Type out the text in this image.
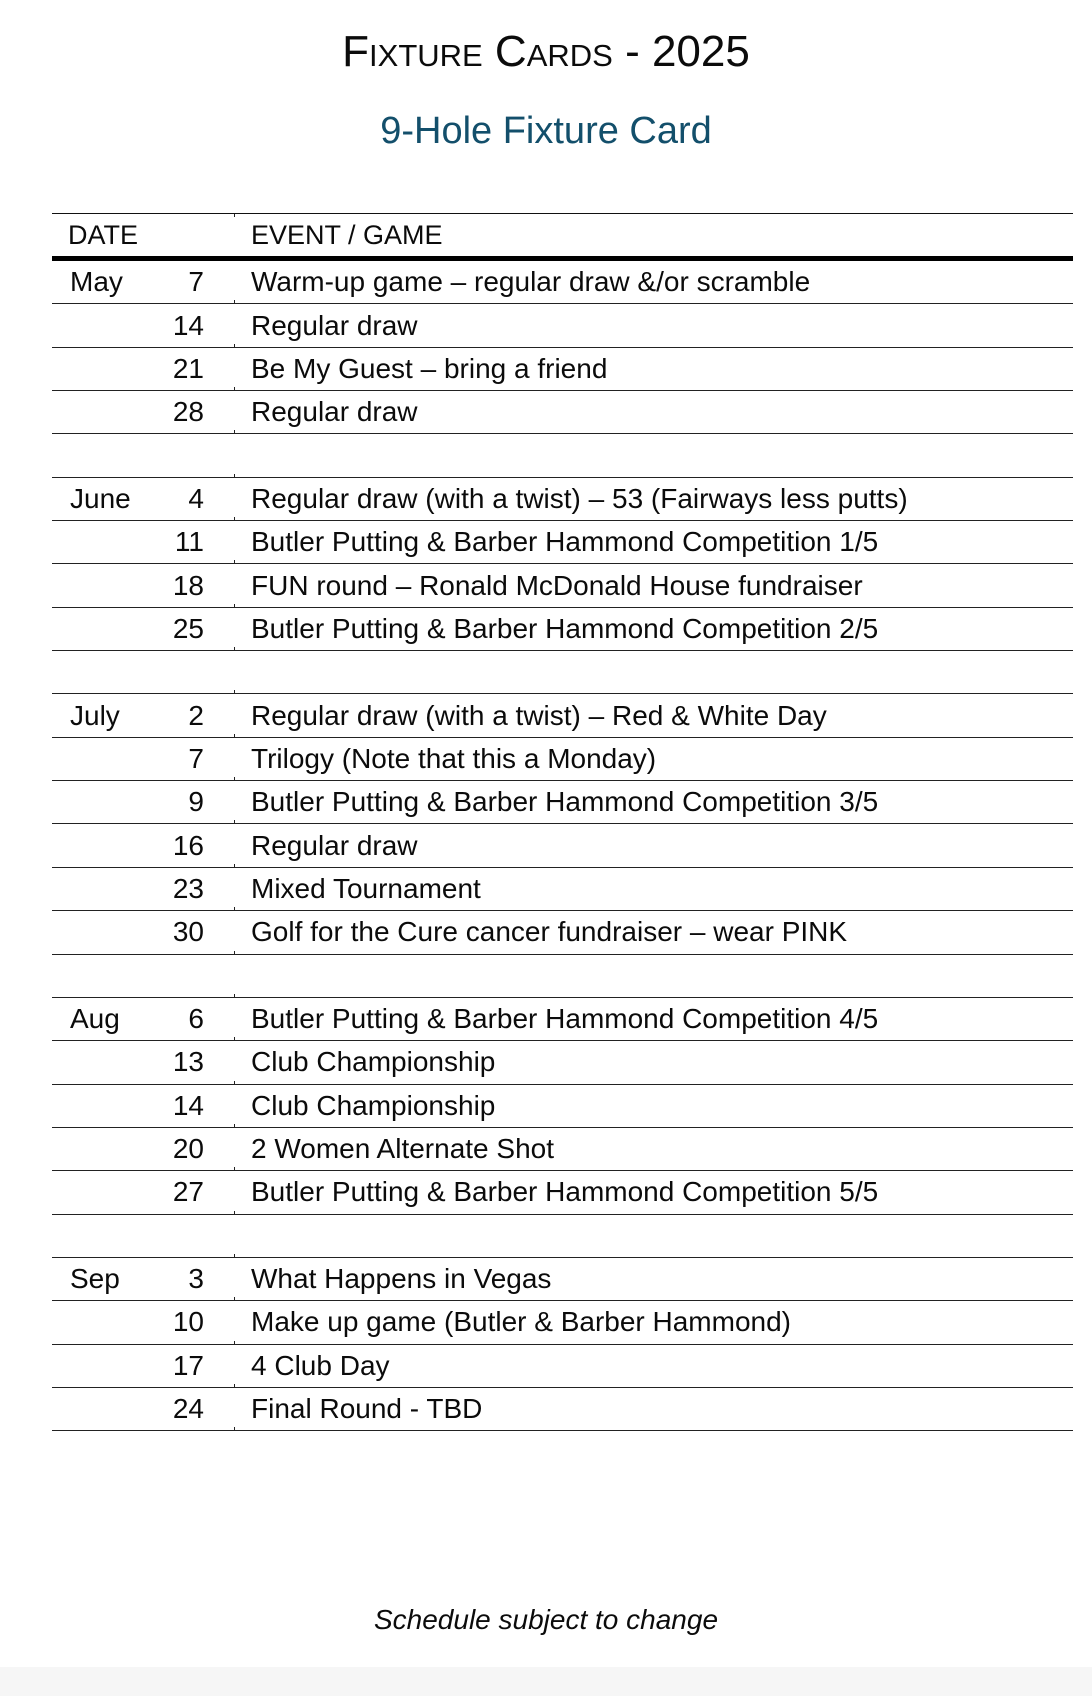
Fixture Cards - 2025
9-Hole Fixture Card
DATE	EVENT / GAME
May	7 Warm-up game – regular draw &/or scramble
14 Regular draw
21 Be My Guest – bring a friend
28 Regular draw
June	4 Regular draw (with a twist) – 53 (Fairways less putts)
11 Butler Putting & Barber Hammond Competition 1/5
18 FUN round – Ronald McDonald House fundraiser
25 Butler Putting & Barber Hammond Competition 2/5
July	2 Regular draw (with a twist) – Red & White Day
7 Trilogy (Note that this a Monday)
9 Butler Putting & Barber Hammond Competition 3/5
16 Regular draw
23 Mixed Tournament
30 Golf for the Cure cancer fundraiser – wear PINK
Aug	6 Butler Putting & Barber Hammond Competition 4/5
13 Club Championship
14 Club Championship
20 2 Women Alternate Shot
27 Butler Putting & Barber Hammond Competition 5/5
Sep	3 What Happens in Vegas
10 Make up game (Butler & Barber Hammond)
17 4 Club Day
24 Final Round - TBD
Schedule subject to change
